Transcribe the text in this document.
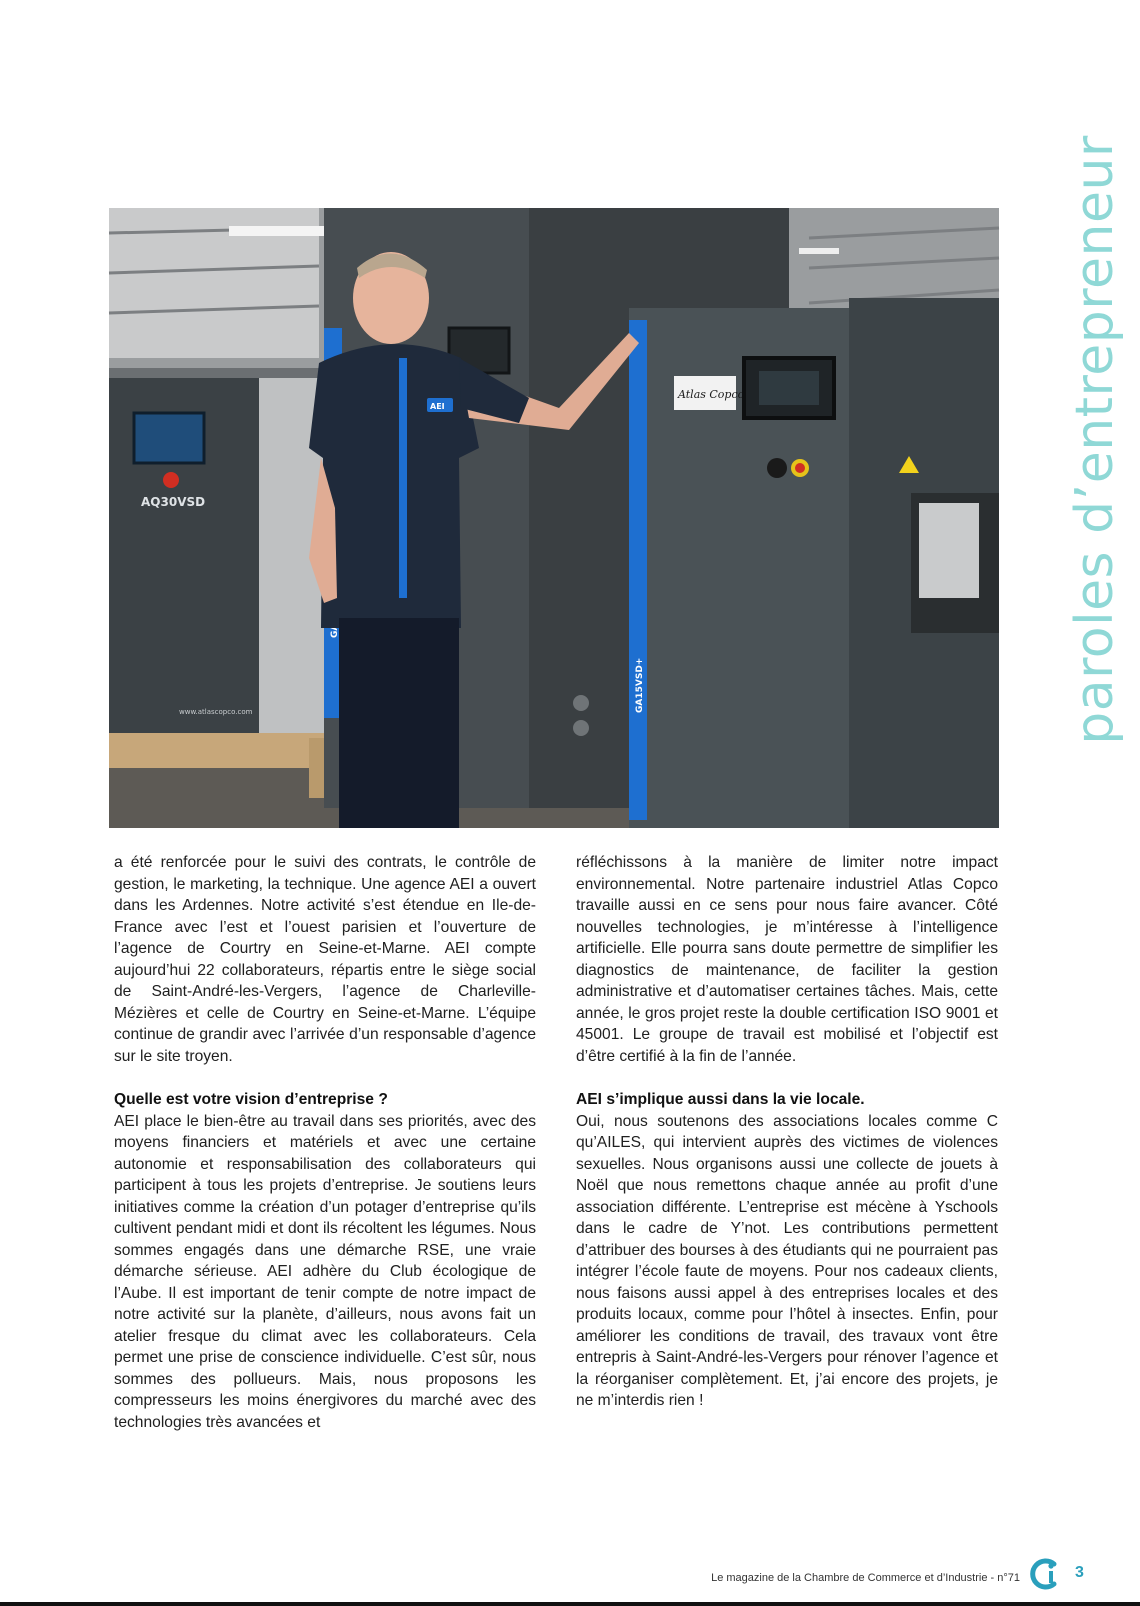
paroles d’entrepreneur
AQ30VSD
www.atlascopco.com	GA15VSD+
Atlas Copco
AEI

a été renforcée pour le suivi des contrats, le contrôle de gestion, le marketing, la technique. Une agence AEI a ouvert dans les Ardennes. Notre activité s’est étendue en Ile-de-France avec l’est et l’ouest parisien et l’ouverture de l’agence de Courtry en Seine-et-Marne. AEI compte aujourd’hui 22 collaborateurs, répartis entre le siège social de Saint-André-les-Vergers, l’agence de Charleville-Mézières et celle de Courtry en Seine-et-Marne. L’équipe continue de grandir avec l’arrivée d’un responsable d’agence sur le site troyen.

Quelle est votre vision d’entreprise ?

AEI place le bien-être au travail dans ses priorités, avec des moyens financiers et matériels et avec une certaine autonomie et responsabilisation des collaborateurs qui participent à tous les projets d’entreprise. Je soutiens leurs initiatives comme la création d’un potager d’entreprise qu’ils cultivent pendant midi et dont ils récoltent les légumes. Nous sommes engagés dans une démarche RSE, une vraie démarche sérieuse. AEI adhère du Club écologique de l’Aube. Il est important de tenir compte de notre impact de notre activité sur la planète, d’ailleurs, nous avons fait un atelier fresque du climat avec les collaborateurs. Cela permet une prise de conscience individuelle. C’est sûr, nous sommes des pollueurs. Mais, nous proposons les compresseurs les moins énergivores du marché avec des technologies très avancées et

réfléchissons à la manière de limiter notre impact environnemental. Notre partenaire industriel Atlas Copco travaille aussi en ce sens pour nous faire avancer. Côté nouvelles technologies, je m’intéresse à l’intelligence artificielle. Elle pourra sans doute permettre de simplifier les diagnostics de maintenance, de faciliter la gestion administrative et d’automatiser certaines tâches. Mais, cette année, le gros projet reste la double certification ISO 9001 et 45001. Le groupe de travail est mobilisé et l’objectif est d’être certifié à la fin de l’année.

AEI s’implique aussi dans la vie locale.

Oui, nous soutenons des associations locales comme C qu’AILES, qui intervient auprès des victimes de violences sexuelles. Nous organisons aussi une collecte de jouets à Noël que nous remettons chaque année au profit d’une association différente. L’entreprise est mécène à Yschools dans le cadre de Y’not. Les contributions permettent d’attribuer des bourses à des étudiants qui ne pourraient pas intégrer l’école faute de moyens. Pour nos cadeaux clients, nous faisons aussi appel à des entreprises locales et des produits locaux, comme pour l’hôtel à insectes. Enfin, pour améliorer les conditions de travail, des travaux vont être entrepris à Saint-André-les-Vergers pour rénover l’agence et la réorganiser complètement. Et, j’ai encore des projets, je ne m’interdis rien !

Le magazine de la Chambre de Commerce et d’Industrie - n°71
Ci
3
